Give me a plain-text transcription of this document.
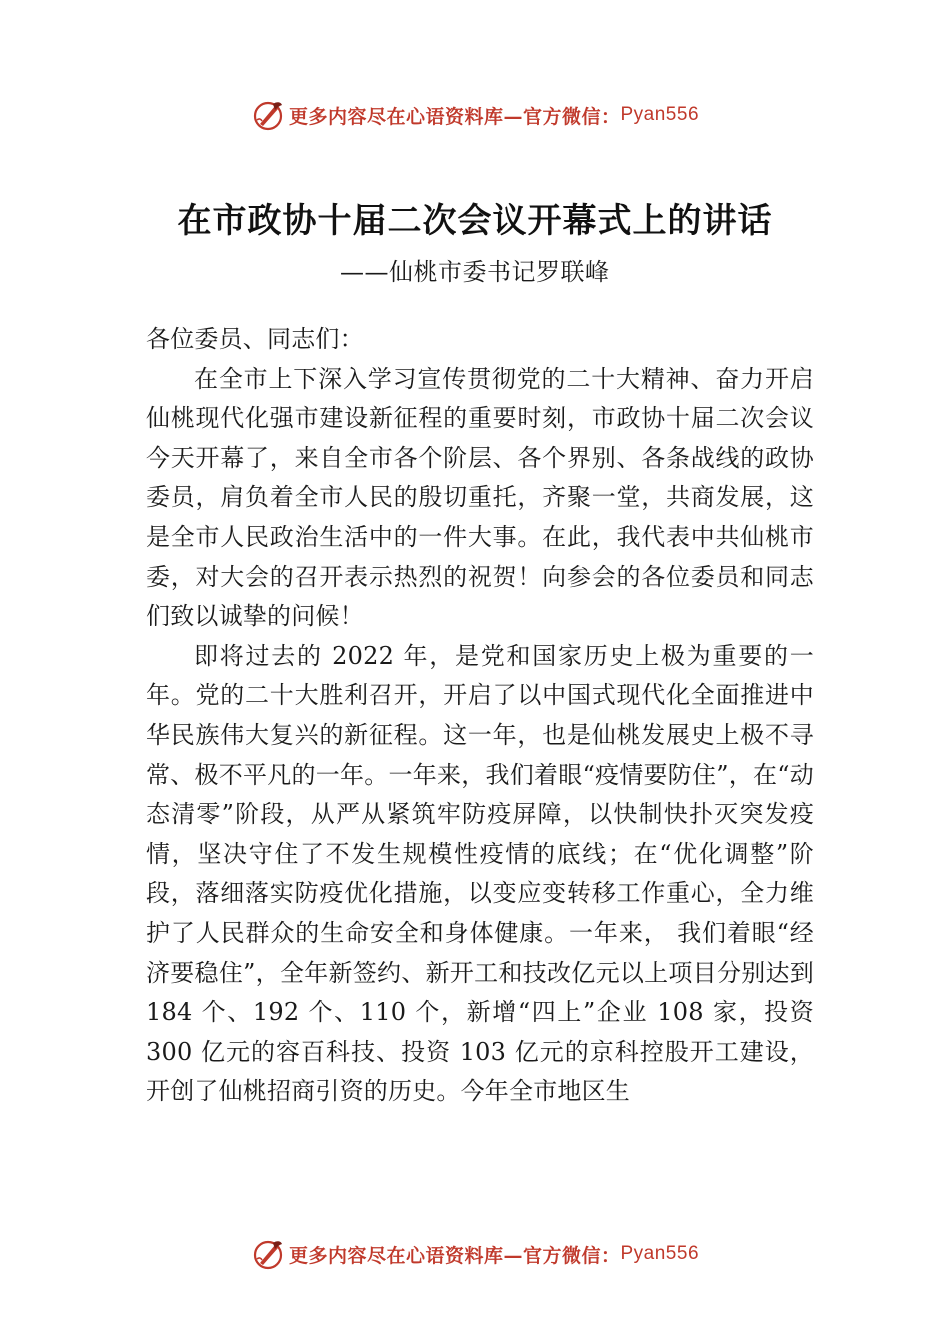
更多内容尽在心语资料库—官方微信： Pyan556
在市政协十届二次会议开幕式上的讲话
——仙桃市委书记罗联峰

各位委员、同志们：

在全市上下深入学习宣传贯彻党的二十大精神、奋力开启仙桃现代化强市建设新征程的重要时刻，市政协十届二次会议今天开幕了，来自全市各个阶层、各个界别、各条战线的政协委员，肩负着全市人民的殷切重托，齐聚一堂，共商发展，这是全市人民政治生活中的一件大事。在此，我代表中共仙桃市委，对大会的召开表示热烈的祝贺！向参会的各位委员和同志们致以诚挚的问候！

即将过去的 2022 年，是党和国家历史上极为重要的一年。党的二十大胜利召开，开启了以中国式现代化全面推进中华民族伟大复兴的新征程。这一年，也是仙桃发展史上极不寻常、极不平凡的一年。一年来，我们着眼“疫情要防住”，在“动态清零”阶段，从严从紧筑牢防疫屏障，以快制快扑灭突发疫情，坚决守住了不发生规模性疫情的底线；在“优化调整”阶段，落细落实防疫优化措施，以变应变转移工作重心，全力维护了人民群众的生命安全和身体健康。一年来， 我们着眼“经济要稳住”，全年新签约、新开工和技改亿元以上项目分别达到 184 个、192 个、110 个，新增“四上”企业 108 家，投资 300 亿元的容百科技、投资 103 亿元的京科控股开工建设，开创了仙桃招商引资的历史。今年全市地区生

更多内容尽在心语资料库—官方微信： Pyan556
